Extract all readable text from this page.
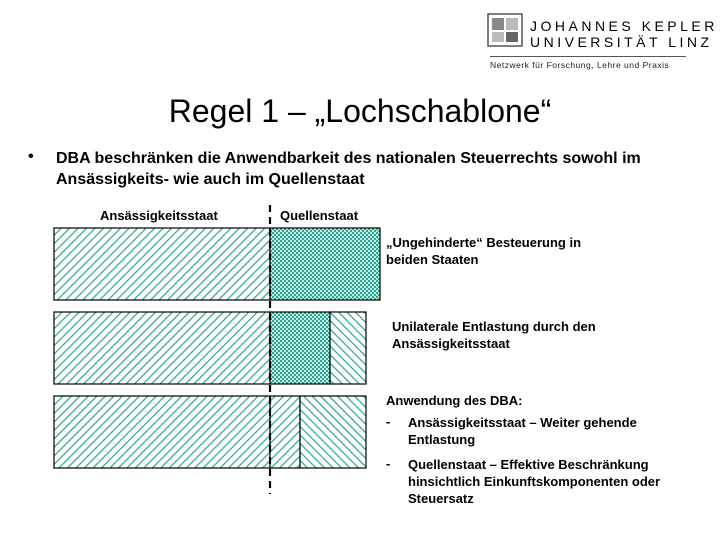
JOHANNES KEPLER
UNIVERSITÄT LINZ
Netzwerk für Forschung, Lehre und Praxis
Regel 1 – „Lochschablone“
• DBA beschränken die Anwendbarkeit des nationalen Steuerrechts sowohl im Ansässigkeits- wie auch im Quellenstaat
Ansässigkeitsstaat	Quellenstaat
„Ungehinderte“ Besteuerung in beiden Staaten
Unilaterale Entlastung durch den Ansässigkeitsstaat
Anwendung des DBA:
- Ansässigkeitsstaat – Weiter gehende Entlastung
- Quellenstaat – Effektive Beschränkung hinsichtlich Einkunftskomponenten oder Steuersatz
